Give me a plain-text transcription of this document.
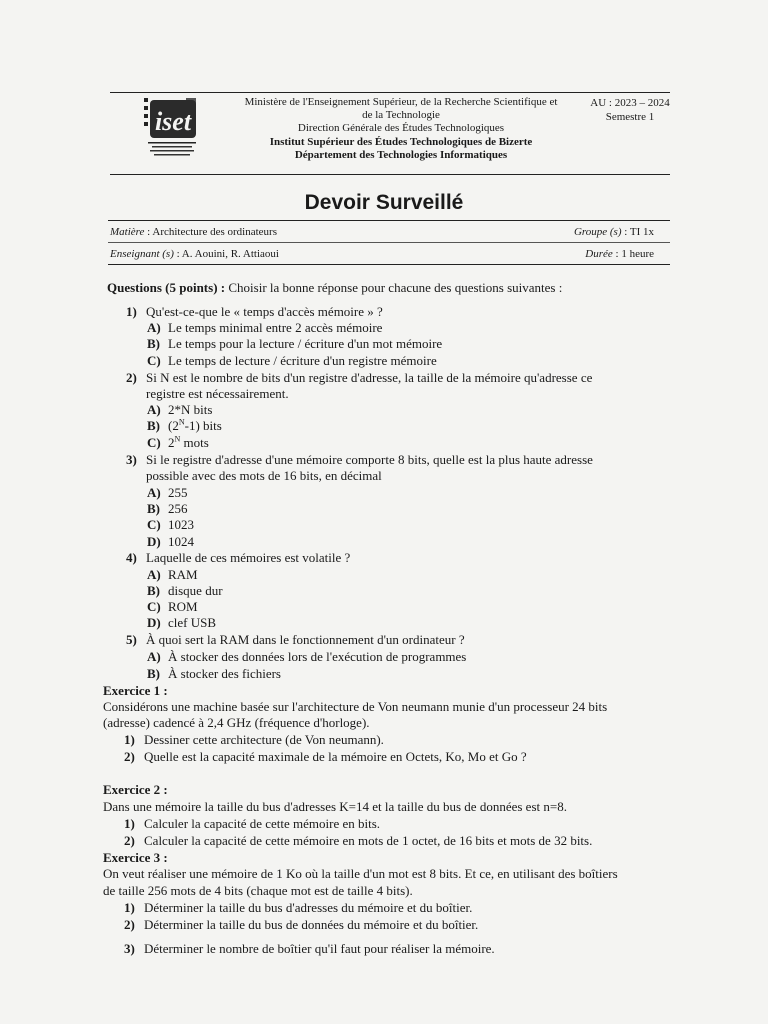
iset
Ministère de l'Enseignement Supérieur, de la Recherche Scientifique et
de la Technologie
Direction Générale des Études Technologiques
Institut Supérieur des Études Technologiques de Bizerte
Département des Technologies Informatiques
AU : 2023 – 2024
Semestre 1
Devoir Surveillé
Matière : Architecture des ordinateurs	Groupe (s) : TI 1x
Enseignant (s) : A. Aouini, R. Attiaoui	Durée : 1 heure
Questions (5 points) : Choisir la bonne réponse pour chacune des questions suivantes :
1) Qu'est-ce-que le « temps d'accès mémoire » ?
A) Le temps minimal entre 2 accès mémoire
B) Le temps pour la lecture / écriture d'un mot mémoire
C) Le temps de lecture / écriture d'un registre mémoire
2) Si N est le nombre de bits d'un registre d'adresse, la taille de la mémoire qu'adresse ce
registre est nécessairement.
A) 2*N bits
B) $(2^N-1)$ bits
C) $2^N$ mots
3) Si le registre d'adresse d'une mémoire comporte 8 bits, quelle est la plus haute adresse
possible avec des mots de 16 bits, en décimal
A) 255
B) 256
C) 1023
D) 1024
4) Laquelle de ces mémoires est volatile ?
A) RAM
B) disque dur
C) ROM
D) clef USB
5) À quoi sert la RAM dans le fonctionnement d'un ordinateur ?
A) À stocker des données lors de l'exécution de programmes
B) À stocker des fichiers
Exercice 1 :
Considérons une machine basée sur l'architecture de Von neumann munie d'un processeur 24 bits
(adresse) cadencé à 2,4 GHz (fréquence d'horloge).
1) Dessiner cette architecture (de Von neumann).
2) Quelle est la capacité maximale de la mémoire en Octets, Ko, Mo et Go ?
Exercice 2 :
Dans une mémoire la taille du bus d'adresses K=14 et la taille du bus de données est n=8.
1) Calculer la capacité de cette mémoire en bits.
2) Calculer la capacité de cette mémoire en mots de 1 octet, de 16 bits et mots de 32 bits.
Exercice 3 :
On veut réaliser une mémoire de 1 Ko où la taille d'un mot est 8 bits. Et ce, en utilisant des boîtiers
de taille 256 mots de 4 bits (chaque mot est de taille 4 bits).
1) Déterminer la taille du bus d'adresses du mémoire et du boîtier.
2) Déterminer la taille du bus de données du mémoire et du boîtier.
3) Déterminer le nombre de boîtier qu'il faut pour réaliser la mémoire.
